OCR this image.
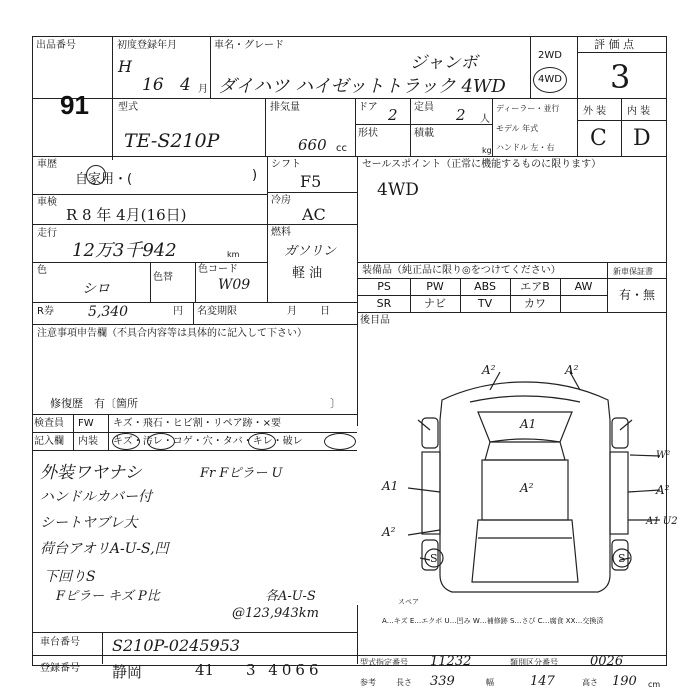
出品番号
91
初度登録年月
H
16 4 月
車名・グレード
ジャンボ
ダイハツ ハイゼットトラック 4WD
2WD
4WD
評 価 点
3
型式
TE-S210P
排気量
660 cc
ドア 2 定員 2 人
形状	積載
kg
ディーラー・並行
モデル 年式
ハンドル 左・右
外 装 内 装
C D
車歴
自家用・(	)
車検
R 8 年 4月(16日)
走行
12万3千942	km
色
シロ
色替
色コード
W09
シフト
F5
冷房
AC
燃料
ガソリン
軽 油
R券 5,340	円 名変期限	月 日
注意事項申告欄（不具合内容等は具体的に記入して下さい）
修復歴　有〔箇所	〕
セールスポイント（正常に機能するものに限ります）
4WD
装備品（純正品に限り◎をつけてください）	新車保証書
PS	PW	ABS	エアB	AW
SR	ナビ	TV	カワ
有・無
後目品
検査員
記入欄
FW
内装
キズ・飛石・ヒビ割・リペア跡・×要
キズ・汚レ・コゲ・穴・タバ・キレ・破レ
外装ワヤナシ	Fr Fピラー U
ハンドルカバー付
シートヤブレ大
荷台アオリA-U-S,凹
下回りS
Fピラー キズ P比	各A-U-S
@123,943km
A²	A²
A1
A1	A²
W²
A²
A1 U2
A²
S	S
スペア
A…キズ E…エクボ U…凹み W…補修跡 S…さび C…腐食 XX…交換済
車台番号 S210P-0245953
登録番号 静岡	41 3 4066	型式指定番号 11232	類別区分番号 0026
参考	長さ 339	幅	147	高さ 190 cm
